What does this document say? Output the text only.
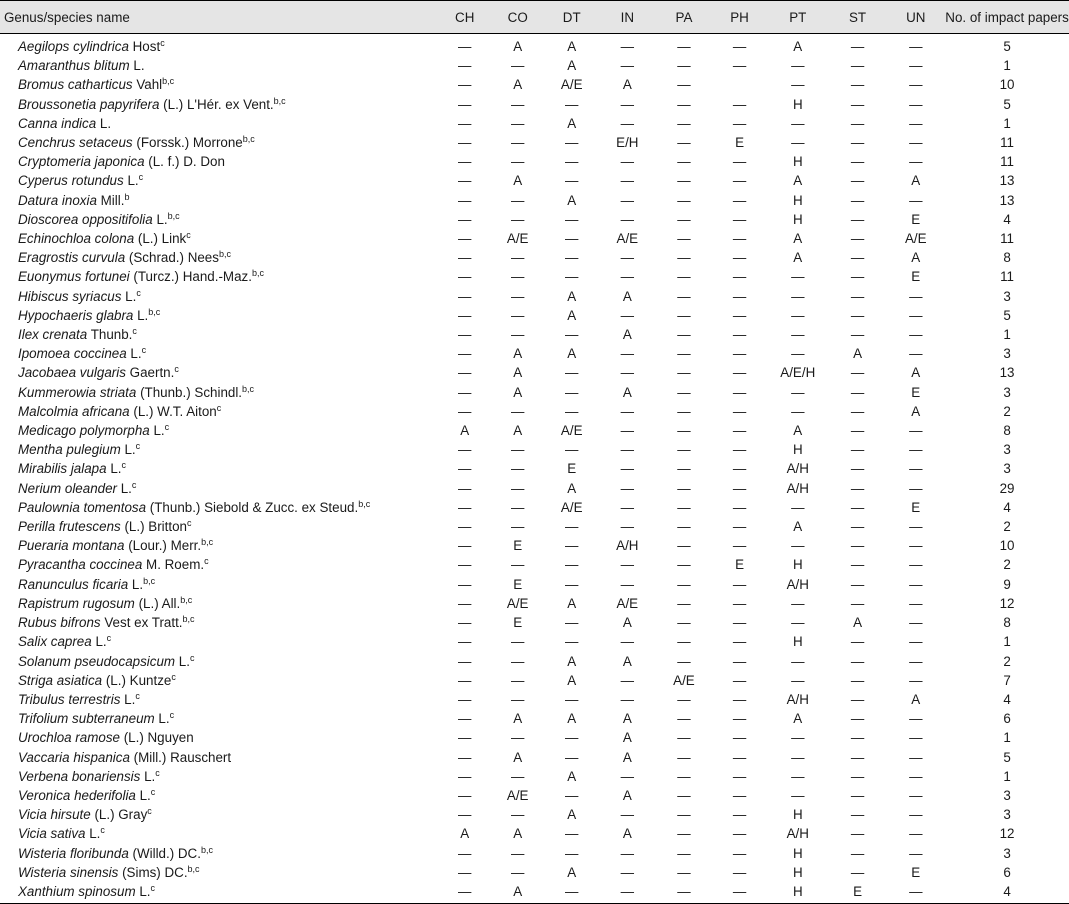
Genus/species name	CH	CO	DT	IN	PA	PH	PT	ST	UN	No. of impact papers
Aegilops cylindrica Host$^c$	—	A	A	—	—	—	A	—	—	5
Amaranthus blitum L.	—	—	A	—	—	—	—	—	—	1
Bromus catharticus Vahl$^{b,c}$	—	A	A/E	A	—		—	—	—	10
Broussonetia papyrifera (L.) L'Hér. ex Vent.$^{b,c}$	—	—	—	—	—	—	H	—	—	5
Canna indica L.	—	—	A	—	—	—	—	—	—	1
Cenchrus setaceus (Forssk.) Morrone$^{b,c}$	—	—	—	E/H	—	E	—	—	—	11
Cryptomeria japonica (L. f.) D. Don	—	—	—	—	—	—	H	—	—	11
Cyperus rotundus L.$^c$	—	A	—	—	—	—	A	—	A	13
Datura inoxia Mill.$^b$	—	—	A	—	—	—	H	—	—	13
Dioscorea oppositifolia L.$^{b,c}$	—	—	—	—	—	—	H	—	E	4
Echinochloa colona (L.) Link$^c$	—	A/E	—	A/E	—	—	A	—	A/E	11
Eragrostis curvula (Schrad.) Nees$^{b,c}$	—	—	—	—	—	—	A	—	A	8
Euonymus fortunei (Turcz.) Hand.-Maz.$^{b,c}$	—	—	—	—	—	—	—	—	E	11
Hibiscus syriacus L.$^c$	—	—	A	A	—	—	—	—	—	3
Hypochaeris glabra L.$^{b,c}$	—	—	A	—	—	—	—	—	—	5
Ilex crenata Thunb.$^c$	—	—	—	A	—	—	—	—	—	1
Ipomoea coccinea L.$^c$	—	A	A	—	—	—	—	A	—	3
Jacobaea vulgaris Gaertn.$^c$	—	A	—	—	—	—	A/E/H	—	A	13
Kummerowia striata (Thunb.) Schindl.$^{b,c}$	—	A	—	A	—	—	—	—	E	3
Malcolmia africana (L.) W.T. Aiton$^c$	—	—	—	—	—	—	—	—	A	2
Medicago polymorpha L.$^c$	A	A	A/E	—	—	—	A	—	—	8
Mentha pulegium L.$^c$	—	—	—	—	—	—	H	—	—	3
Mirabilis jalapa L.$^c$	—	—	E	—	—	—	A/H	—	—	3
Nerium oleander L.$^c$	—	—	A	—	—	—	A/H	—	—	29
Paulownia tomentosa (Thunb.) Siebold & Zucc. ex Steud.$^{b,c}$	—	—	A/E	—	—	—	—	—	E	4
Perilla frutescens (L.) Britton$^c$	—	—	—	—	—	—	A	—	—	2
Pueraria montana (Lour.) Merr.$^{b,c}$	—	E	—	A/H	—	—	—	—	—	10
Pyracantha coccinea M. Roem.$^c$	—	—	—	—	—	E	H	—	—	2
Ranunculus ficaria L.$^{b,c}$	—	E	—	—	—	—	A/H	—	—	9
Rapistrum rugosum (L.) All.$^{b,c}$	—	A/E	A	A/E	—	—	—	—	—	12
Rubus bifrons Vest ex Tratt.$^{b,c}$	—	E	—	A	—	—	—	A	—	8
Salix caprea L.$^c$	—	—	—	—	—	—	H	—	—	1
Solanum pseudocapsicum L.$^c$	—	—	A	A	—	—	—	—	—	2
Striga asiatica (L.) Kuntze$^c$	—	—	A	—	A/E	—	—	—	—	7
Tribulus terrestris L.$^c$	—	—	—	—	—	—	A/H	—	A	4
Trifolium subterraneum L.$^c$	—	A	A	A	—	—	A	—	—	6
Urochloa ramose (L.) Nguyen	—	—	—	A	—	—	—	—	—	1
Vaccaria hispanica (Mill.) Rauschert	—	A	—	A	—	—	—	—	—	5
Verbena bonariensis L.$^c$	—	—	A	—	—	—	—	—	—	1
Veronica hederifolia L.$^c$	—	A/E	—	A	—	—	—	—	—	3
Vicia hirsute (L.) Gray$^c$	—	—	A	—	—	—	H	—	—	3
Vicia sativa L.$^c$	A	A	—	A	—	—	A/H	—	—	12
Wisteria floribunda (Willd.) DC.$^{b,c}$	—	—	—	—	—	—	H	—	—	3
Wisteria sinensis (Sims) DC.$^{b,c}$	—	—	A	—	—	—	H	—	E	6
Xanthium spinosum L.$^c$	—	A	—	—	—	—	H	E	—	4
